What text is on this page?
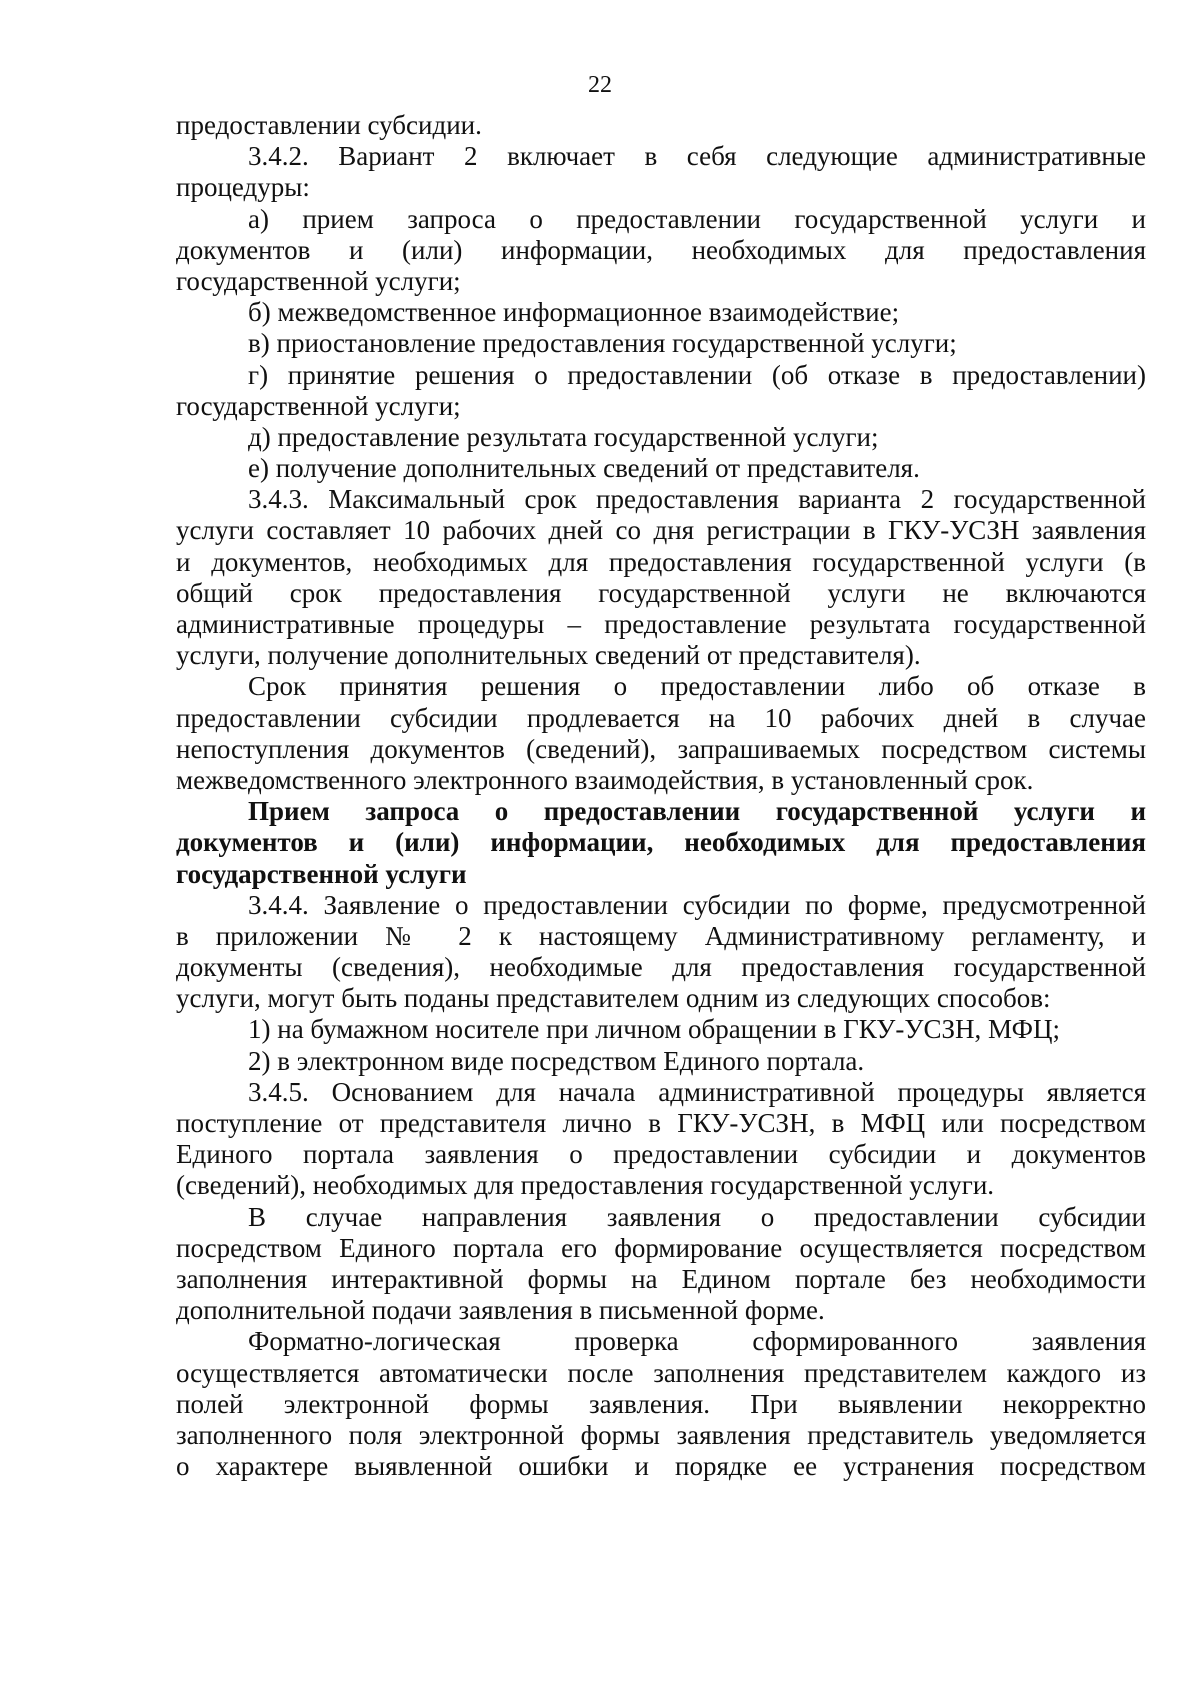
22
предоставлении субсидии.
3.4.2. Вариант 2 включает в себя следующие административные
процедуры:
а) прием запроса о предоставлении государственной услуги и
документов и (или) информации, необходимых для предоставления
государственной услуги;
б) межведомственное информационное взаимодействие;
в) приостановление предоставления государственной услуги;
г) принятие решения о предоставлении (об отказе в предоставлении)
государственной услуги;
д) предоставление результата государственной услуги;
е) получение дополнительных сведений от представителя.
3.4.3. Максимальный срок предоставления варианта 2 государственной
услуги составляет 10 рабочих дней со дня регистрации в ГКУ-УСЗН заявления
и документов, необходимых для предоставления государственной услуги (в
общий срок предоставления государственной услуги не включаются
административные процедуры – предоставление результата государственной
услуги, получение дополнительных сведений от представителя).
Срок принятия решения о предоставлении либо об отказе в
предоставлении субсидии продлевается на 10 рабочих дней в случае
непоступления документов (сведений), запрашиваемых посредством системы
межведомственного электронного взаимодействия, в установленный срок.
Прием запроса о предоставлении государственной услуги и
документов и (или) информации, необходимых для предоставления
государственной услуги
3.4.4. Заявление о предоставлении субсидии по форме, предусмотренной
в приложении № 2 к настоящему Административному регламенту, и
документы (сведения), необходимые для предоставления государственной
услуги, могут быть поданы представителем одним из следующих способов:
1) на бумажном носителе при личном обращении в ГКУ-УСЗН, МФЦ;
2) в электронном виде посредством Единого портала.
3.4.5. Основанием для начала административной процедуры является
поступление от представителя лично в ГКУ-УСЗН, в МФЦ или посредством
Единого портала заявления о предоставлении субсидии и документов
(сведений), необходимых для предоставления государственной услуги.
В случае направления заявления о предоставлении субсидии
посредством Единого портала его формирование осуществляется посредством
заполнения интерактивной формы на Едином портале без необходимости
дополнительной подачи заявления в письменной форме.
Форматно-логическая проверка сформированного заявления
осуществляется автоматически после заполнения представителем каждого из
полей электронной формы заявления. При выявлении некорректно
заполненного поля электронной формы заявления представитель уведомляется
о характере выявленной ошибки и порядке ее устранения посредством
